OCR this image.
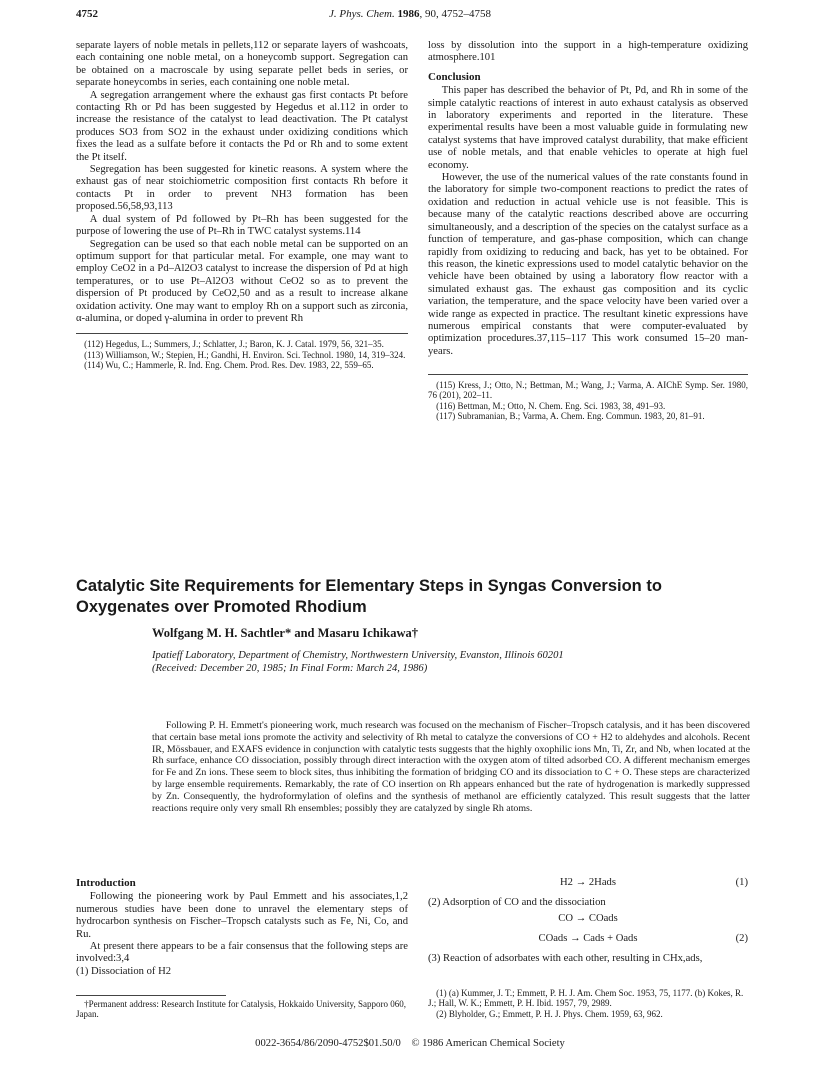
4752	J. Phys. Chem. 1986, 90, 4752–4758

separate layers of noble metals in pellets,112 or separate layers of washcoats, each containing one noble metal, on a honeycomb support. Segregation can be obtained on a macroscale by using separate pellet beds in series, or separate honeycombs in series, each containing one noble metal.

A segregation arrangement where the exhaust gas first contacts Pt before contacting Rh or Pd has been suggested by Hegedus et al.112 in order to increase the resistance of the catalyst to lead deactivation. The Pt catalyst produces SO3 from SO2 in the exhaust under oxidizing conditions which fixes the lead as a sulfate before it contacts the Pd or Rh and to some extent the Pt itself.

Segregation has been suggested for kinetic reasons. A system where the exhaust gas of near stoichiometric composition first contacts Rh before it contacts Pt in order to prevent NH3 formation has been proposed.56,58,93,113

A dual system of Pd followed by Pt–Rh has been suggested for the purpose of lowering the use of Pt–Rh in TWC catalyst systems.114

Segregation can be used so that each noble metal can be supported on an optimum support for that particular metal. For example, one may want to employ CeO2 in a Pd–Al2O3 catalyst to increase the dispersion of Pd at high temperatures, or to use Pt–Al2O3 without CeO2 so as to prevent the dispersion of Pt produced by CeO2,50 and as a result to increase alkane oxidation activity. One may want to employ Rh on a support such as zirconia, α-alumina, or doped γ-alumina in order to prevent Rh

(112) Hegedus, L.; Summers, J.; Schlatter, J.; Baron, K. J. Catal. 1979, 56, 321–35.
(113) Williamson, W.; Stepien, H.; Gandhi, H. Environ. Sci. Technol. 1980, 14, 319–324.
(114) Wu, C.; Hammerle, R. Ind. Eng. Chem. Prod. Res. Dev. 1983, 22, 559–65.

loss by dissolution into the support in a high-temperature oxidizing atmosphere.101

Conclusion

This paper has described the behavior of Pt, Pd, and Rh in some of the simple catalytic reactions of interest in auto exhaust catalysis as observed in laboratory experiments and reported in the literature. These experimental results have been a most valuable guide in formulating new catalyst systems that have improved catalyst durability, that make efficient use of noble metals, and that enable vehicles to operate at high fuel economy.

However, the use of the numerical values of the rate constants found in the laboratory for simple two-component reactions to predict the rates of oxidation and reduction in actual vehicle use is not feasible. This is because many of the catalytic reactions described above are occurring simultaneously, and a description of the species on the catalyst surface as a function of temperature, and gas-phase composition, which can change rapidly from oxidizing to reducing and back, has yet to be obtained. For this reason, the kinetic expressions used to model catalytic behavior on the vehicle have been obtained by using a laboratory flow reactor with a simulated exhaust gas. The exhaust gas composition and its cyclic variation, the temperature, and the space velocity have been varied over a wide range as expected in practice. The resultant kinetic expressions have numerous empirical constants that were computer-evaluated by optimization procedures.37,115–117 This work consumed 15–20 man-years.

(115) Kress, J.; Otto, N.; Bettman, M.; Wang, J.; Varma, A. AIChE Symp. Ser. 1980, 76 (201), 202–11.
(116) Bettman, M.; Otto, N. Chem. Eng. Sci. 1983, 38, 491–93.
(117) Subramanian, B.; Varma, A. Chem. Eng. Commun. 1983, 20, 81–91.
Catalytic Site Requirements for Elementary Steps in Syngas Conversion to Oxygenates over Promoted Rhodium
Wolfgang M. H. Sachtler* and Masaru Ichikawa†
Ipatieff Laboratory, Department of Chemistry, Northwestern University, Evanston, Illinois 60201
(Received: December 20, 1985; In Final Form: March 24, 1986)
Following P. H. Emmett's pioneering work, much research was focused on the mechanism of Fischer–Tropsch catalysis, and it has been discovered that certain base metal ions promote the activity and selectivity of Rh metal to catalyze the conversions of CO + H2 to aldehydes and alcohols. Recent IR, Mössbauer, and EXAFS evidence in conjunction with catalytic tests suggests that the highly oxophilic ions Mn, Ti, Zr, and Nb, when located at the Rh surface, enhance CO dissociation, possibly through direct interaction with the oxygen atom of tilted adsorbed CO. A different mechanism emerges for Fe and Zn ions. These seem to block sites, thus inhibiting the formation of bridging CO and its dissociation to C + O. These steps are characterized by large ensemble requirements. Remarkably, the rate of CO insertion on Rh appears enhanced but the rate of hydrogenation is markedly suppressed by Zn. Consequently, the hydroformylation of olefins and the synthesis of methanol are efficiently catalyzed. This result suggests that the latter reactions require only very small Rh ensembles; possibly they are catalyzed by single Rh atoms.
Introduction

Following the pioneering work by Paul Emmett and his associates,1,2 numerous studies have been done to unravel the elementary steps of hydrocarbon synthesis on Fischer–Tropsch catalysts such as Fe, Ni, Co, and Ru.

At present there appears to be a fair consensus that the following steps are involved:3,4

(1) Dissociation of H2

†Permanent address: Research Institute for Catalysis, Hokkaido University, Sapporo 060, Japan.
H2 → 2Hads	(1)

(2) Adsorption of CO and the dissociation

CO → COads
COads → Cads + Oads	(2)

(3) Reaction of adsorbates with each other, resulting in CHx,ads,

(1) (a) Kummer, J. T.; Emmett, P. H. J. Am. Chem Soc. 1953, 75, 1177. (b) Kokes, R. J.; Hall, W. K.; Emmett, P. H. Ibid. 1957, 79, 2989.
(2) Blyholder, G.; Emmett, P. H. J. Phys. Chem. 1959, 63, 962.
0022-3654/86/2090-4752$01.50/0 © 1986 American Chemical Society
